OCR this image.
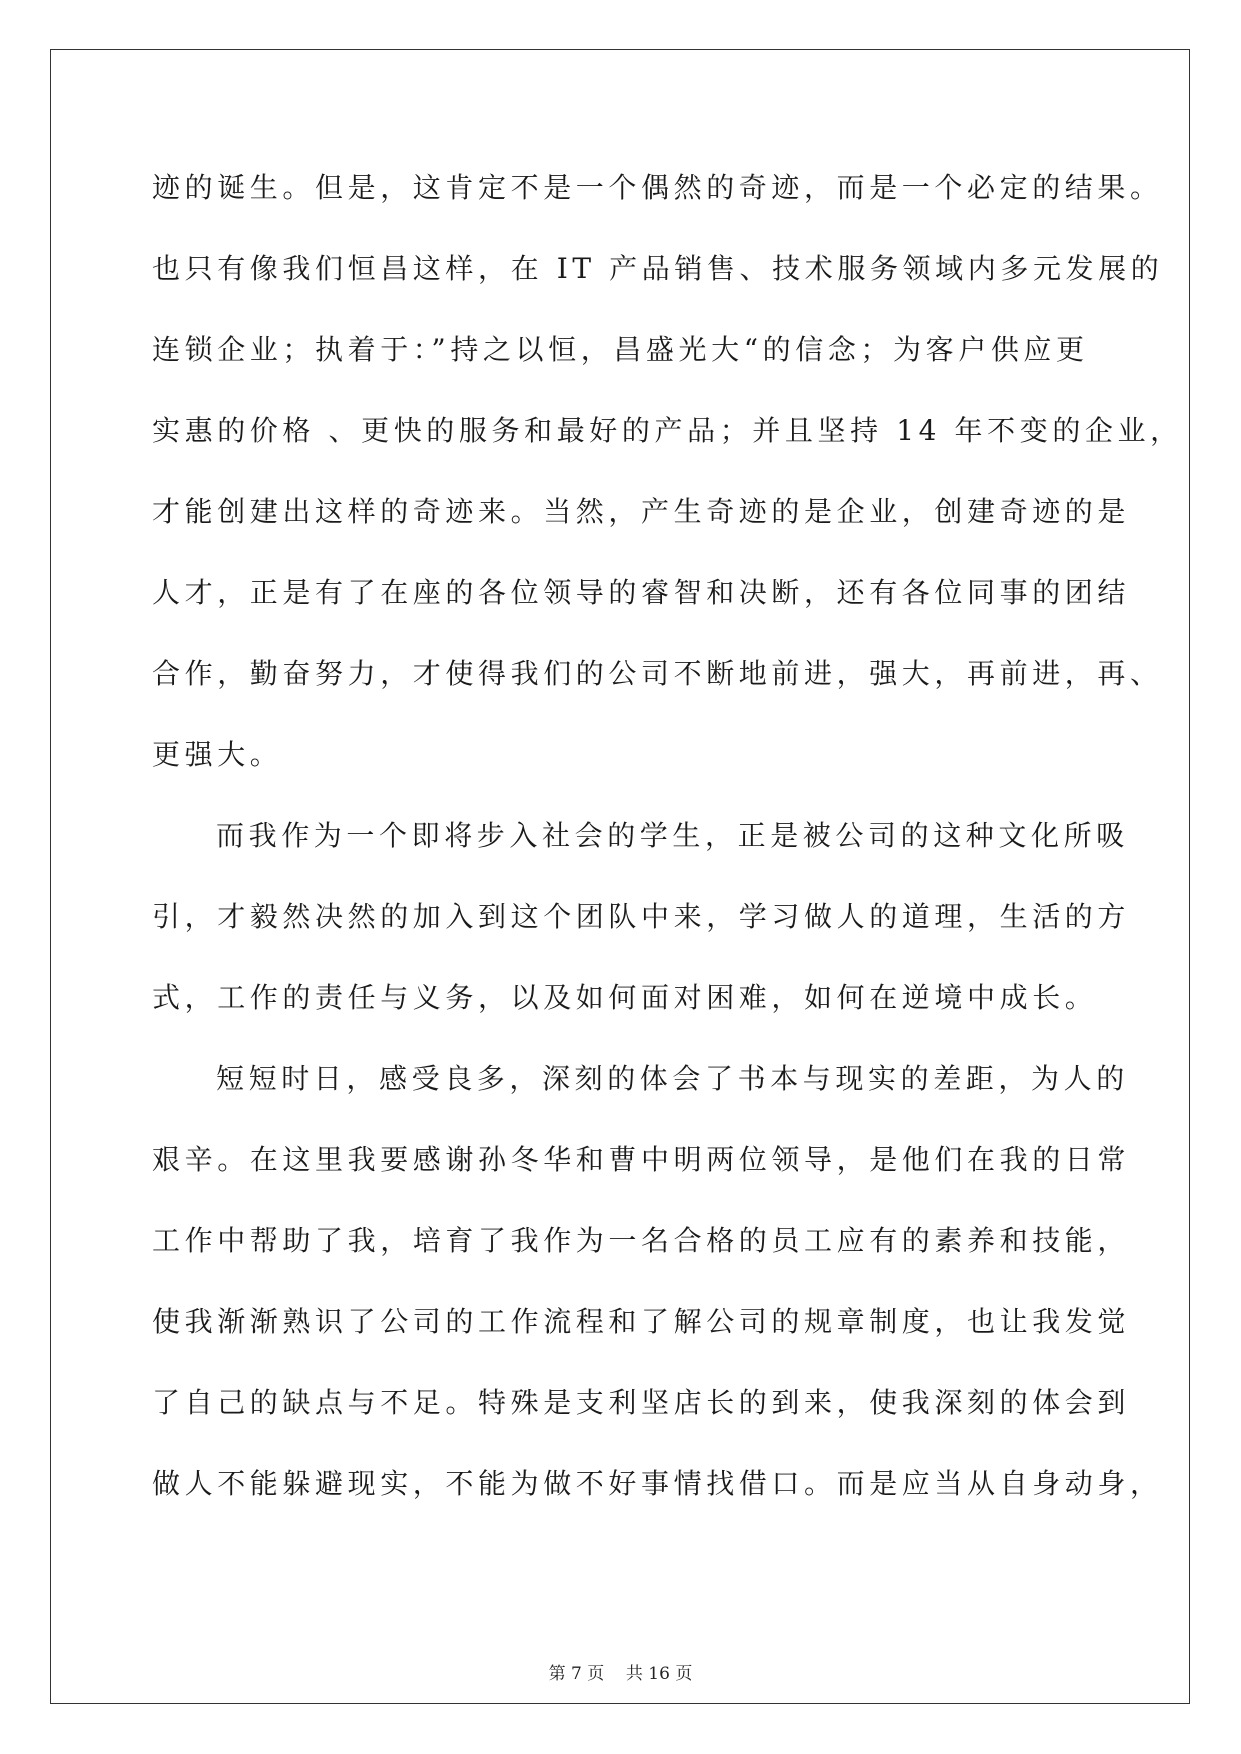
迹的诞生。但是，这肯定不是一个偶然的奇迹，而是一个必定的结果。
也只有像我们恒昌这样，在 IT 产品销售、技术服务领域内多元发展的
连锁企业；执着于：”持之以恒，昌盛光大“的信念；为客户供应更
实惠的价格 、更快的服务和最好的产品；并且坚持 14 年不变的企业，
才能创建出这样的奇迹来。当然，产生奇迹的是企业，创建奇迹的是
人才，正是有了在座的各位领导的睿智和决断，还有各位同事的团结
合作，勤奋努力，才使得我们的公司不断地前进，强大，再前进，再、
更强大。
而我作为一个即将步入社会的学生，正是被公司的这种文化所吸
引，才毅然决然的加入到这个团队中来，学习做人的道理，生活的方
式，工作的责任与义务，以及如何面对困难，如何在逆境中成长。
短短时日，感受良多，深刻的体会了书本与现实的差距，为人的
艰辛。在这里我要感谢孙冬华和曹中明两位领导，是他们在我的日常
工作中帮助了我，培育了我作为一名合格的员工应有的素养和技能，
使我渐渐熟识了公司的工作流程和了解公司的规章制度，也让我发觉
了自己的缺点与不足。特殊是支利坚店长的到来，使我深刻的体会到
做人不能躲避现实，不能为做不好事情找借口。而是应当从自身动身，
第 7 页 共 16 页
